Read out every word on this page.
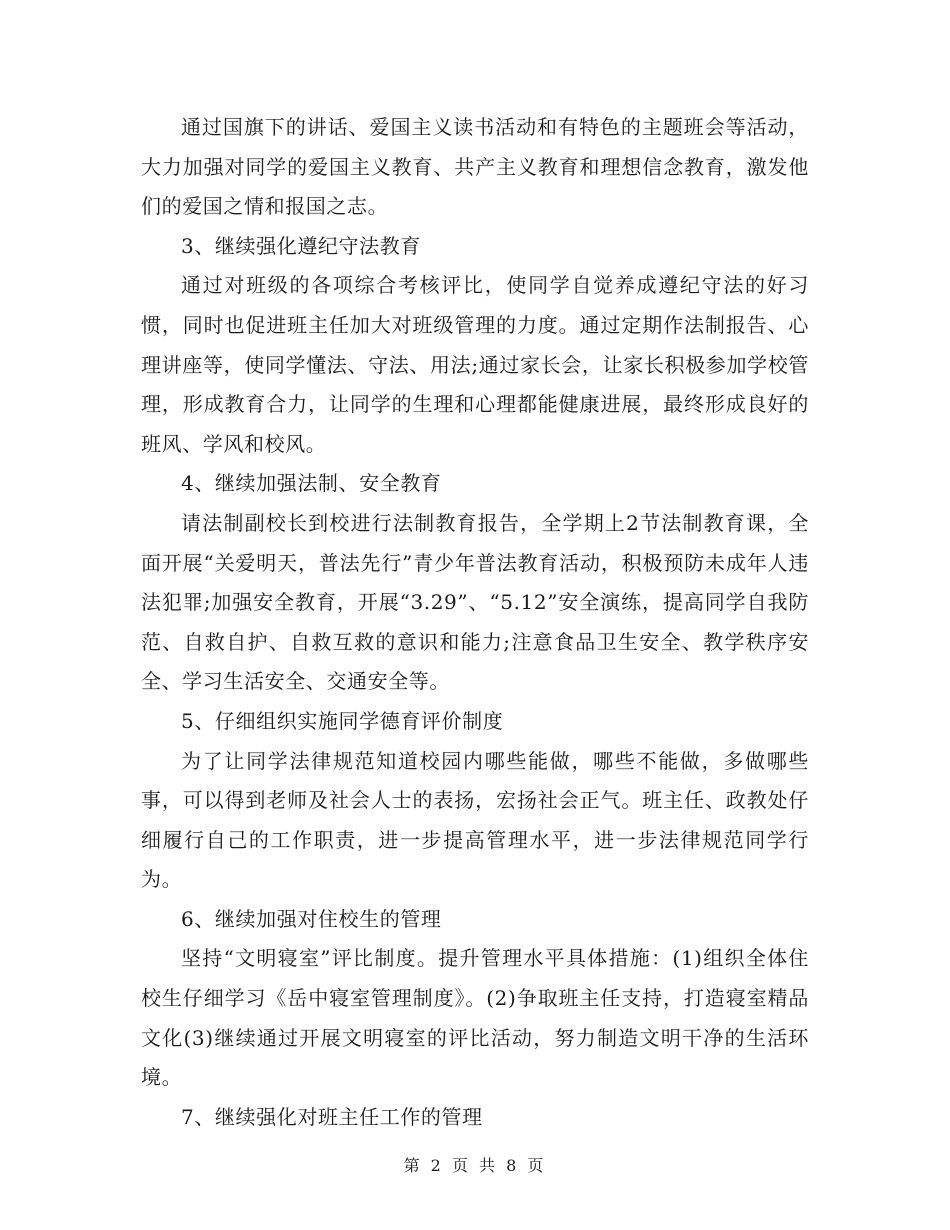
通过国旗下的讲话、爱国主义读书活动和有特色的主题班会等活动，大力加强对同学的爱国主义教育、共产主义教育和理想信念教育，激发他们的爱国之情和报国之志。

3、继续强化遵纪守法教育

通过对班级的各项综合考核评比，使同学自觉养成遵纪守法的好习惯，同时也促进班主任加大对班级管理的力度。通过定期作法制报告、心理讲座等，使同学懂法、守法、用法;通过家长会，让家长积极参加学校管理，形成教育合力，让同学的生理和心理都能健康进展，最终形成良好的班风、学风和校风。

4、继续加强法制、安全教育

请法制副校长到校进行法制教育报告，全学期上2节法制教育课，全面开展“关爱明天，普法先行”青少年普法教育活动，积极预防未成年人违法犯罪;加强安全教育，开展“3.29”、“5.12”安全演练，提高同学自我防范、自救自护、自救互救的意识和能力;注意食品卫生安全、教学秩序安全、学习生活安全、交通安全等。

5、仔细组织实施同学德育评价制度

为了让同学法律规范知道校园内哪些能做，哪些不能做，多做哪些事，可以得到老师及社会人士的表扬，宏扬社会正气。班主任、政教处仔细履行自己的工作职责，进一步提高管理水平，进一步法律规范同学行为。

6、继续加强对住校生的管理

坚持“文明寝室”评比制度。提升管理水平具体措施：(1)组织全体住校生仔细学习《岳中寝室管理制度》。(2)争取班主任支持，打造寝室精品文化(3)继续通过开展文明寝室的评比活动，努力制造文明干净的生活环境。

7、继续强化对班主任工作的管理

第 2 页 共 8 页
